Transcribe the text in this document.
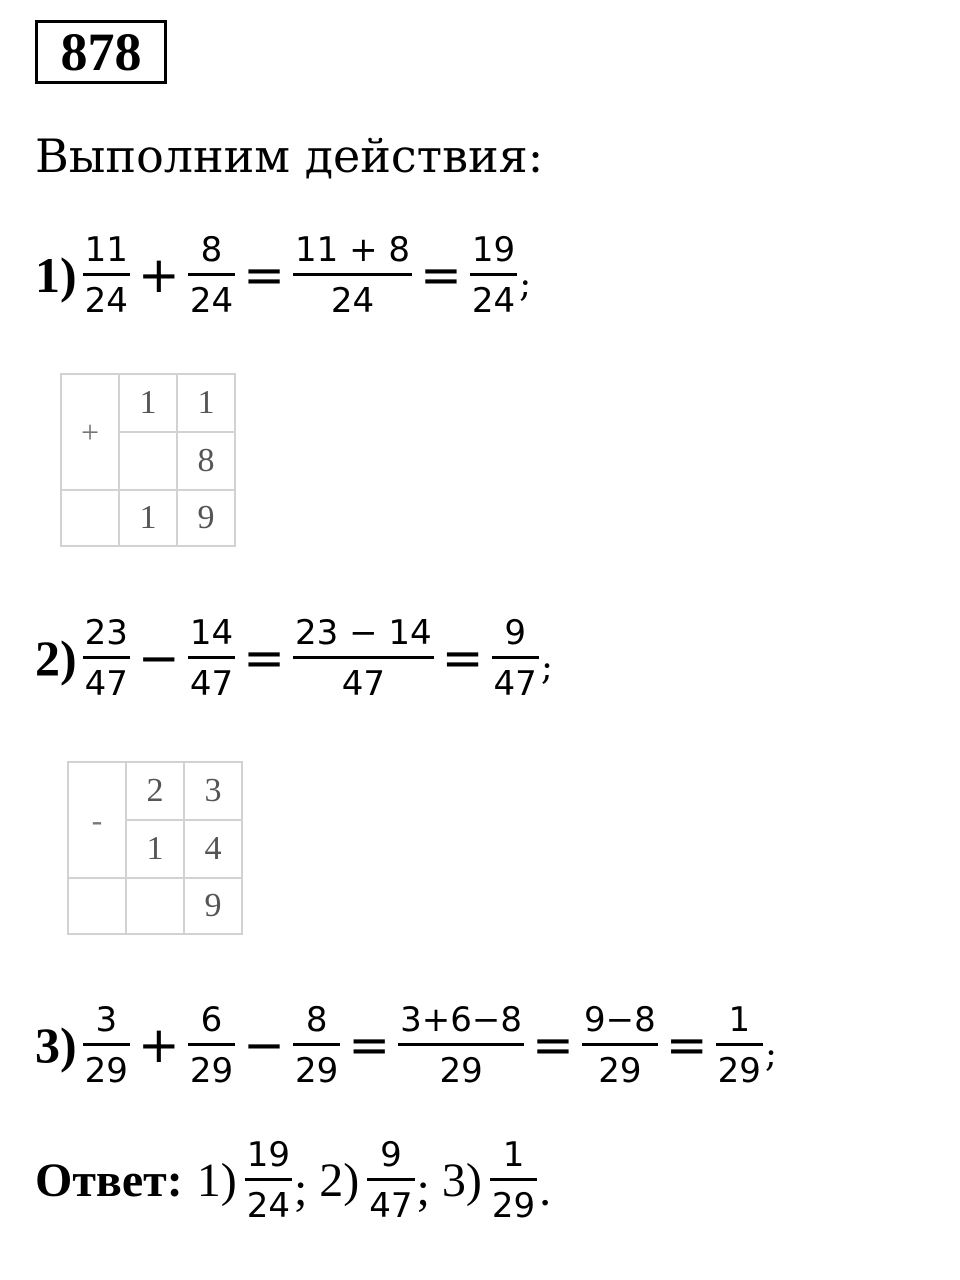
878
Выполним действия:
$1) \frac{11}{24} + \frac{8}{24} = \frac{11 + 8}{24} = \frac{19}{24}$ ;
+	1	1
		8
	1	9
$2) \frac{23}{47} - \frac{14}{47} = \frac{23 - 14}{47} = \frac{9}{47}$ ;
-	2	3
	1	4
		9
$3) \frac{3}{29} + \frac{6}{29} - \frac{8}{29} = \frac{3+6-8}{29} = \frac{9-8}{29} = \frac{1}{29}$ ;
Ответ: $1) \frac{19}{24}$ ; $2) \frac{9}{47}$ ; $3) \frac{1}{29}$ .
